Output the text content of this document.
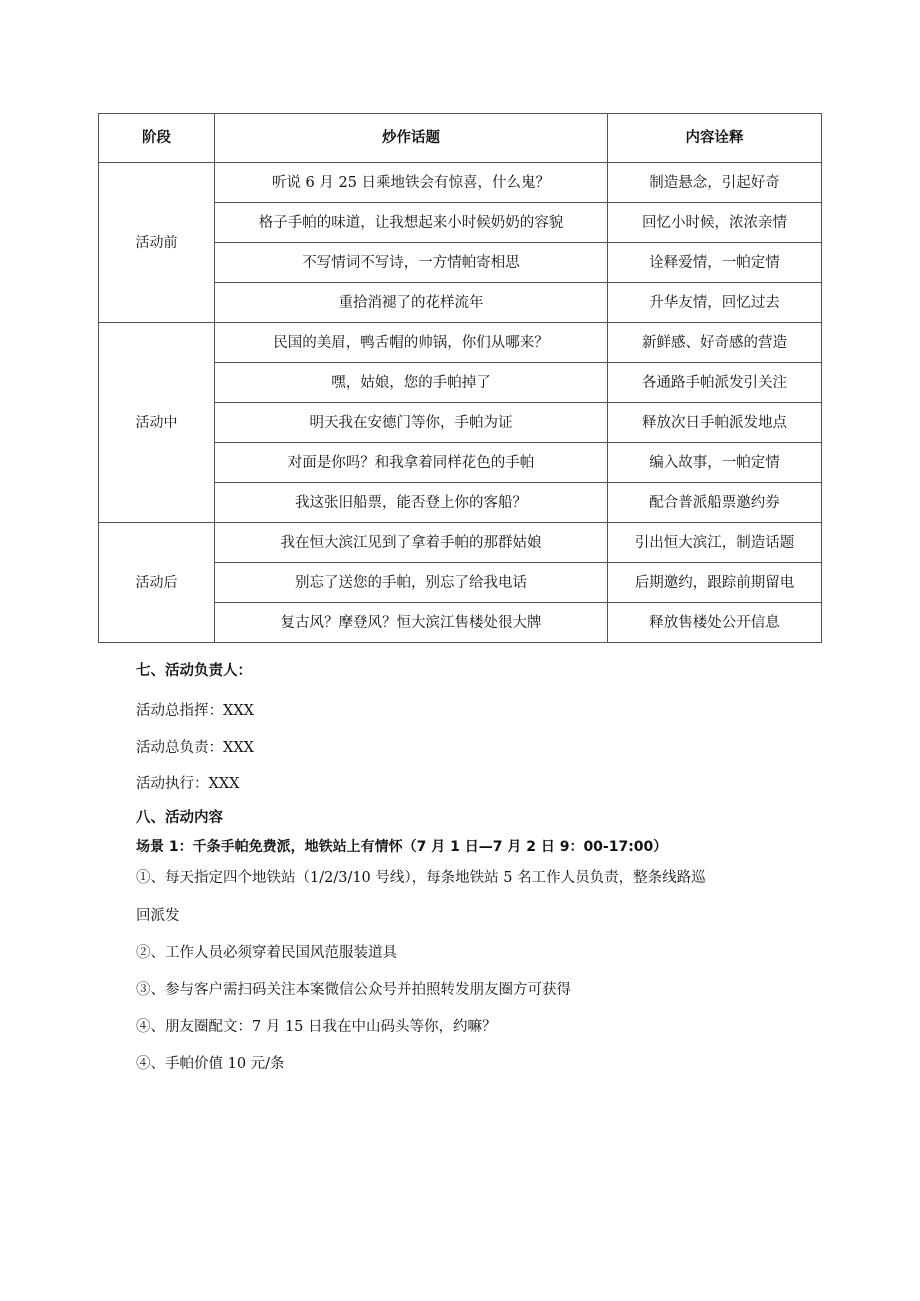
阶段	炒作话题	内容诠释
活动前	听说 6 月 25 日乘地铁会有惊喜，什么鬼？	制造悬念，引起好奇
	格子手帕的味道，让我想起来小时候奶奶的容貌	回忆小时候，浓浓亲情
	不写情词不写诗，一方情帕寄相思	诠释爱情，一帕定情
	重拾消褪了的花样流年	升华友情，回忆过去
活动中	民国的美眉，鸭舌帽的帅锅，你们从哪来？	新鲜感、好奇感的营造
	嘿，姑娘，您的手帕掉了	各通路手帕派发引关注
	明天我在安德门等你，手帕为证	释放次日手帕派发地点
	对面是你吗？和我拿着同样花色的手帕	编入故事，一帕定情
	我这张旧船票，能否登上你的客船？	配合普派船票邀约券
活动后	我在恒大滨江见到了拿着手帕的那群姑娘	引出恒大滨江，制造话题
	别忘了送您的手帕，别忘了给我电话	后期邀约，跟踪前期留电
	复古风？摩登风？恒大滨江售楼处很大牌	释放售楼处公开信息
七、活动负责人：
活动总指挥：XXX
活动总负责：XXX
活动执行：XXX
八、活动内容
场景 1：千条手帕免费派，地铁站上有情怀（7 月 1 日—7 月 2 日 9：00-17:00）
①、每天指定四个地铁站（1/2/3/10 号线），每条地铁站 5 名工作人员负责，整条线路巡
回派发
②、工作人员必须穿着民国风范服装道具
③、参与客户需扫码关注本案微信公众号并拍照转发朋友圈方可获得
④、朋友圈配文：7 月 15 日我在中山码头等你，约嘛？
④、手帕价值 10 元/条
